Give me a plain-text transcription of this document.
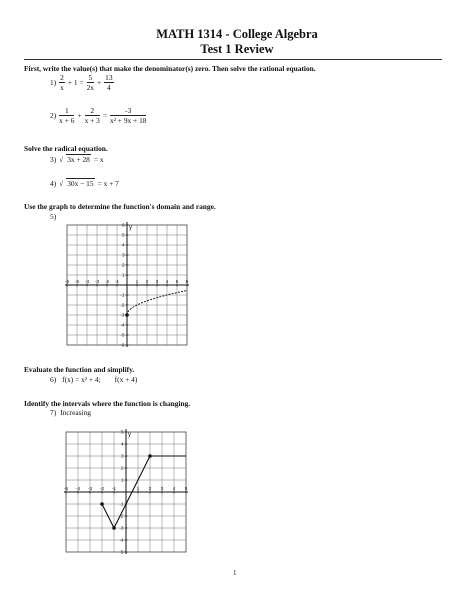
MATH 1314 - College Algebra
Test 1 Review
First, write the value(s) that make the denominator(s) zero. Then solve the rational equation.
$1) \frac{2}{x} + 1 = \frac{5}{2x} + \frac{13}{4}$
$2) \frac{1}{x + 6} + \frac{2}{x + 3} = \frac{-3}{\text{x² + 9x + 18}}$
Solve the radical equation.
3) √ 3x + 28 = x
4) √ 30x − 15 = x + 7
Use the graph to determine the function's domain and range.
5)
y
-6 -5 -4 -3 -2 -1	1 2 3 4 5 6
6
5
4
3
2
1
-1
-2
-3
-4
-5
-6
Evaluate the function and simplify.
6) f(x) = x² + 4; f(x + 4)
Identify the intervals where the function is changing.
7) Increasing
y
-5 -4 -3 -2 -1	1 2 3 4 5
5
4
3
2
1
-1
-2
-3
-4
-5
1
